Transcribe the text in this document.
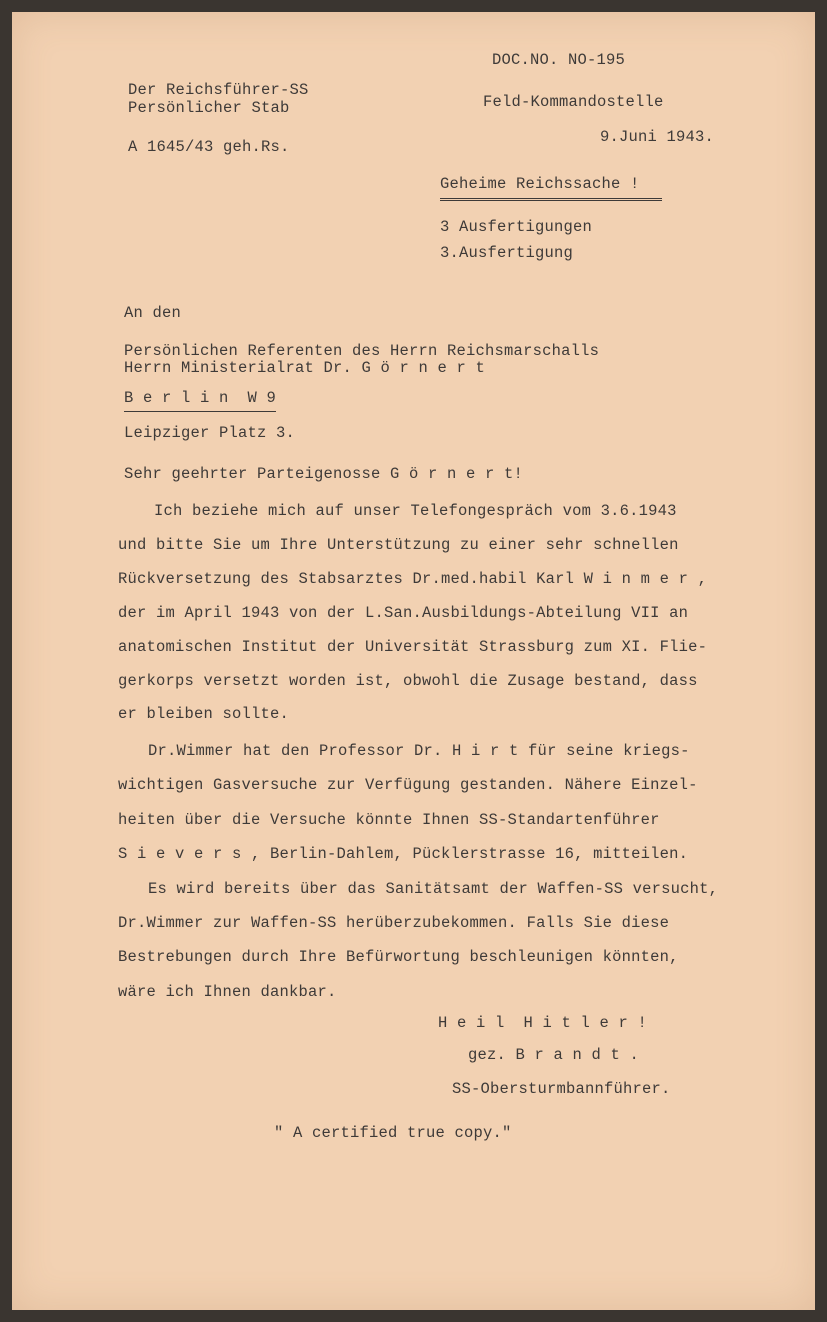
DOC.NO. NO-195
Der Reichsführer-SS
Persönlicher Stab	Feld-Kommandostelle
9.Juni 1943.
A 1645/43 geh.Rs.
Geheime Reichssache !
3 Ausfertigungen
3.Ausfertigung
An den
Persönlichen Referenten des Herrn Reichsmarschalls
Herrn Ministerialrat Dr. G ö r n e r t
B e r l i n  W 9
Leipziger Platz 3.
Sehr geehrter Parteigenosse G ö r n e r t!
Ich beziehe mich auf unser Telefongespräch vom 3.6.1943
und bitte Sie um Ihre Unterstützung zu einer sehr schnellen
Rückversetzung des Stabsarztes Dr.med.habil Karl W i n m e r ,
der im April 1943 von der L.San.Ausbildungs-Abteilung VII an
anatomischen Institut der Universität Strassburg zum XI. Flie-
gerkorps versetzt worden ist, obwohl die Zusage bestand, dass
er bleiben sollte.
Dr.Wimmer hat den Professor Dr. H i r t für seine kriegs-
wichtigen Gasversuche zur Verfügung gestanden. Nähere Einzel-
heiten über die Versuche könnte Ihnen SS-Standartenführer
S i e v e r s , Berlin-Dahlem, Pücklerstrasse 16, mitteilen.
Es wird bereits über das Sanitätsamt der Waffen-SS versucht,
Dr.Wimmer zur Waffen-SS herüberzubekommen. Falls Sie diese
Bestrebungen durch Ihre Befürwortung beschleunigen könnten,
wäre ich Ihnen dankbar.
H e i l  H i t l e r !
gez. B r a n d t .
SS-Obersturmbannführer.
" A certified true copy."
